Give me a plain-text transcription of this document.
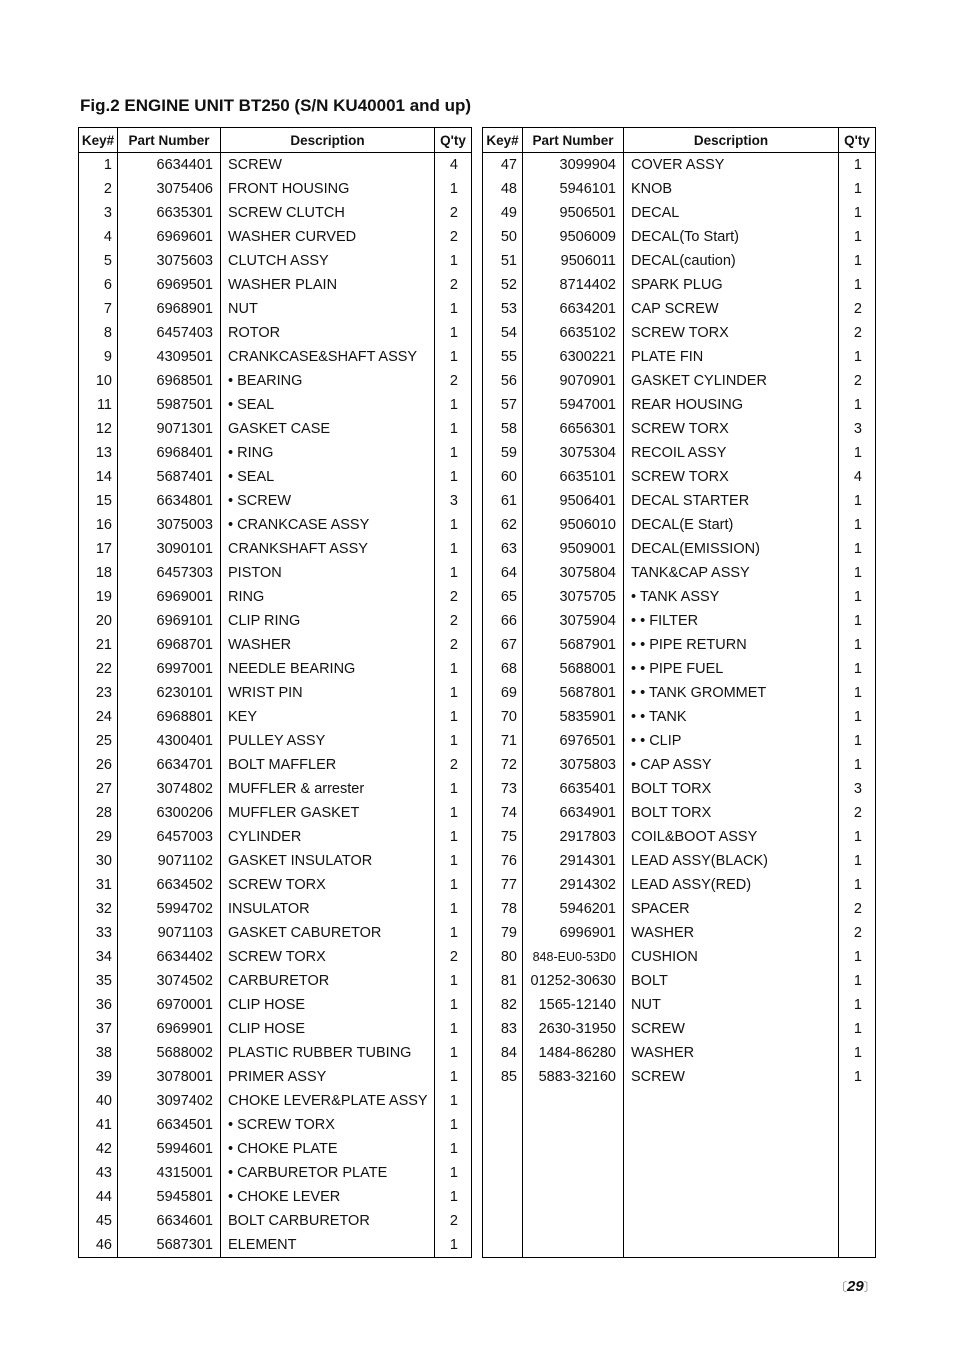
Fig.2 ENGINE UNIT BT250 (S/N KU40001 and up)
Key#	Part Number	Description	Q'ty
1	6634401	SCREW	4
2	3075406	FRONT HOUSING	1
3	6635301	SCREW CLUTCH	2
4	6969601	WASHER CURVED	2
5	3075603	CLUTCH ASSY	1
6	6969501	WASHER PLAIN	2
7	6968901	NUT	1
8	6457403	ROTOR	1
9	4309501	CRANKCASE&SHAFT ASSY	1
10	6968501	• BEARING	2
11	5987501	• SEAL	1
12	9071301	GASKET CASE	1
13	6968401	• RING	1
14	5687401	• SEAL	1
15	6634801	• SCREW	3
16	3075003	• CRANKCASE ASSY	1
17	3090101	CRANKSHAFT ASSY	1
18	6457303	PISTON	1
19	6969001	RING	2
20	6969101	CLIP RING	2
21	6968701	WASHER	2
22	6997001	NEEDLE BEARING	1
23	6230101	WRIST PIN	1
24	6968801	KEY	1
25	4300401	PULLEY ASSY	1
26	6634701	BOLT MAFFLER	2
27	3074802	MUFFLER & arrester	1
28	6300206	MUFFLER GASKET	1
29	6457003	CYLINDER	1
30	9071102	GASKET INSULATOR	1
31	6634502	SCREW TORX	1
32	5994702	INSULATOR	1
33	9071103	GASKET CABURETOR	1
34	6634402	SCREW TORX	2
35	3074502	CARBURETOR	1
36	6970001	CLIP HOSE	1
37	6969901	CLIP HOSE	1
38	5688002	PLASTIC RUBBER TUBING	1
39	3078001	PRIMER ASSY	1
40	3097402	CHOKE LEVER&PLATE ASSY	1
41	6634501	• SCREW TORX	1
42	5994601	• CHOKE PLATE	1
43	4315001	• CARBURETOR PLATE	1
44	5945801	• CHOKE LEVER	1
45	6634601	BOLT CARBURETOR	2
46	5687301	ELEMENT	1
Key#	Part Number	Description	Q'ty
47	3099904	COVER ASSY	1
48	5946101	KNOB	1
49	9506501	DECAL	1
50	9506009	DECAL(To Start)	1
51	9506011	DECAL(caution)	1
52	8714402	SPARK PLUG	1
53	6634201	CAP SCREW	2
54	6635102	SCREW TORX	2
55	6300221	PLATE FIN	1
56	9070901	GASKET CYLINDER	2
57	5947001	REAR HOUSING	1
58	6656301	SCREW TORX	3
59	3075304	RECOIL ASSY	1
60	6635101	SCREW TORX	4
61	9506401	DECAL STARTER	1
62	9506010	DECAL(E Start)	1
63	9509001	DECAL(EMISSION)	1
64	3075804	TANK&CAP ASSY	1
65	3075705	• TANK ASSY	1
66	3075904	• • FILTER	1
67	5687901	• • PIPE RETURN	1
68	5688001	• • PIPE FUEL	1
69	5687801	• • TANK GROMMET	1
70	5835901	• • TANK	1
71	6976501	• • CLIP	1
72	3075803	• CAP ASSY	1
73	6635401	BOLT TORX	3
74	6634901	BOLT TORX	2
75	2917803	COIL&BOOT ASSY	1
76	2914301	LEAD ASSY(BLACK)	1
77	2914302	LEAD ASSY(RED)	1
78	5946201	SPACER	2
79	6996901	WASHER	2
80	848-EU0-53D0	CUSHION	1
81	01252-30630	BOLT	1
82	1565-12140	NUT	1
83	2630-31950	SCREW	1
84	1484-86280	WASHER	1
85	5883-32160	SCREW	1

〔29〕
